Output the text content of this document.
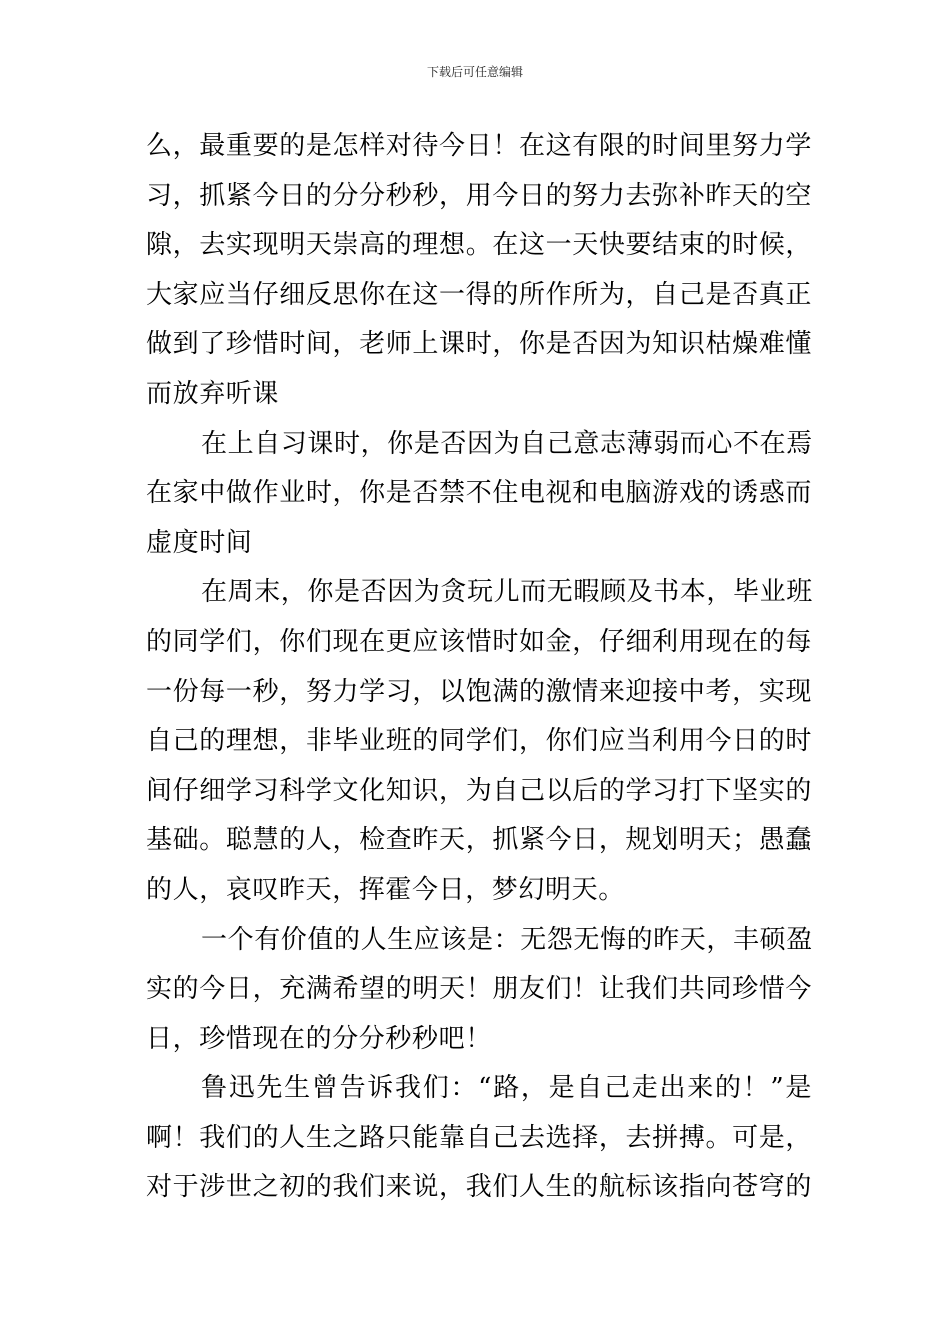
下载后可任意编辑
么，最重要的是怎样对待今日！在这有限的时间里努力学
习，抓紧今日的分分秒秒，用今日的努力去弥补昨天的空
隙，去实现明天崇高的理想。在这一天快要结束的时候，
大家应当仔细反思你在这一得的所作所为，自己是否真正
做到了珍惜时间，老师上课时，你是否因为知识枯燥难懂
而放弃听课
在上自习课时，你是否因为自己意志薄弱而心不在焉
在家中做作业时，你是否禁不住电视和电脑游戏的诱惑而
虚度时间
在周末，你是否因为贪玩儿而无暇顾及书本，毕业班
的同学们，你们现在更应该惜时如金，仔细利用现在的每
一份每一秒，努力学习，以饱满的激情来迎接中考，实现
自己的理想，非毕业班的同学们，你们应当利用今日的时
间仔细学习科学文化知识，为自己以后的学习打下坚实的
基础。聪慧的人，检查昨天，抓紧今日，规划明天；愚蠢
的人，哀叹昨天，挥霍今日，梦幻明天。
一个有价值的人生应该是：无怨无悔的昨天，丰硕盈
实的今日，充满希望的明天！朋友们！让我们共同珍惜今
日，珍惜现在的分分秒秒吧！
鲁迅先生曾告诉我们：“路，是自己走出来的！”是
啊！我们的人生之路只能靠自己去选择，去拼搏。可是，
对于涉世之初的我们来说，我们人生的航标该指向苍穹的
